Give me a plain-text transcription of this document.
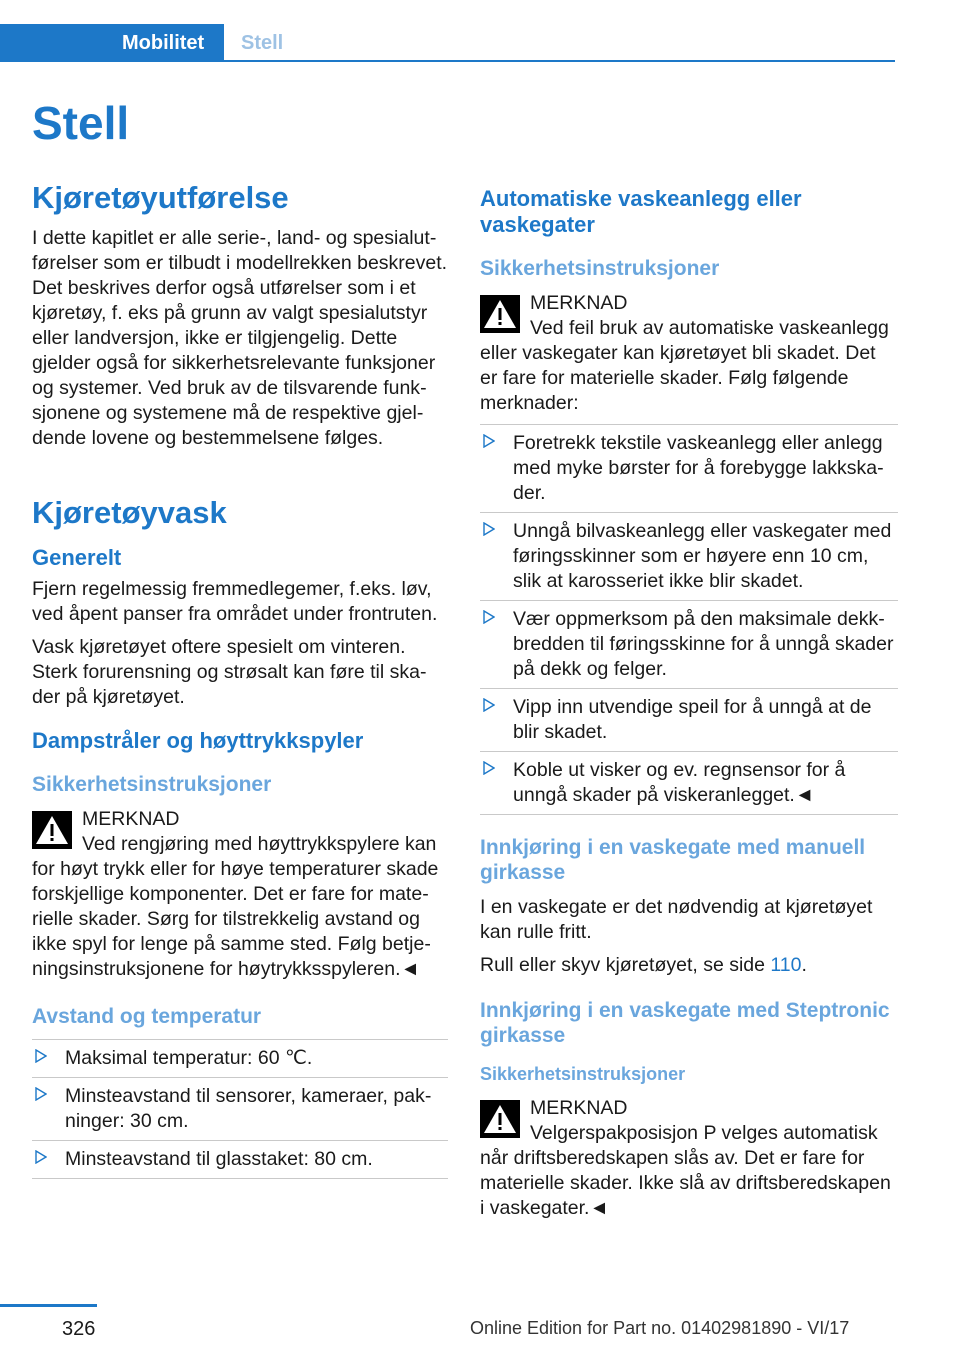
Mobilitet Stell
Stell
Kjøretøyutførelse

I dette kapitlet er alle serie-, land- og spesialutførelser som er tilbudt i modellrekken beskrevet. Det beskrives derfor også utførelser som i et kjøretøy, f. eks på grunn av valgt spesialutstyr eller landversjon, ikke er tilgjengelig. Dette gjelder også for sikkerhetsrelevante funksjoner og systemer. Ved bruk av de tilsvarende funksjonene og systemene må de respektive gjeldende lovene og bestemmelsene følges.

Kjøretøyvask
Generelt

Fjern regelmessig fremmedlegemer, f.eks. løv, ved åpent panser fra området under frontruten.

Vask kjøretøyet oftere spesielt om vinteren. Sterk forurensning og strøsalt kan føre til skader på kjøretøyet.

Dampstråler og høyttrykkspyler
Sikkerhetsinstruksjoner
MERKNAD
Ved rengjøring med høyttrykkspylere kan for høyt trykk eller for høye temperaturer skade forskjellige komponenter. Det er fare for materielle skader. Sørg for tilstrekkelig avstand og ikke spyl for lenge på samme sted. Følg betjeningsinstruksjonene for høytrykksspyleren.◄
Avstand og temperatur
Maksimal temperatur: 60 ℃.
Minsteavstand til sensorer, kameraer, pakninger: 30 cm.
Minsteavstand til glasstaket: 80 cm.
Automatiske vaskeanlegg eller vaskegater
Sikkerhetsinstruksjoner
MERKNAD
Ved feil bruk av automatiske vaskeanlegg eller vaskegater kan kjøretøyet bli skadet. Det er fare for materielle skader. Følg følgende merknader:
Foretrekk tekstile vaskeanlegg eller anlegg med myke børster for å forebygge lakkskader.
Unngå bilvaskeanlegg eller vaskegater med føringsskinner som er høyere enn 10 cm, slik at karosseriet ikke blir skadet.
Vær oppmerksom på den maksimale dekkbredden til føringsskinne for å unngå skader på dekk og felger.
Vipp inn utvendige speil for å unngå at de blir skadet.
Koble ut visker og ev. regnsensor for å unngå skader på viskeranlegget.◄
Innkjøring i en vaskegate med manuell girkasse

I en vaskegate er det nødvendig at kjøretøyet kan rulle fritt.

Rull eller skyv kjøretøyet, se side 110.

Innkjøring i en vaskegate med Steptronic girkasse
Sikkerhetsinstruksjoner
MERKNAD
Velgerspakposisjon P velges automatisk når driftsberedskapen slås av. Det er fare for materielle skader. Ikke slå av driftsberedskapen i vaskegater.◄
326	Online Edition for Part no. 01402981890 - VI/17
